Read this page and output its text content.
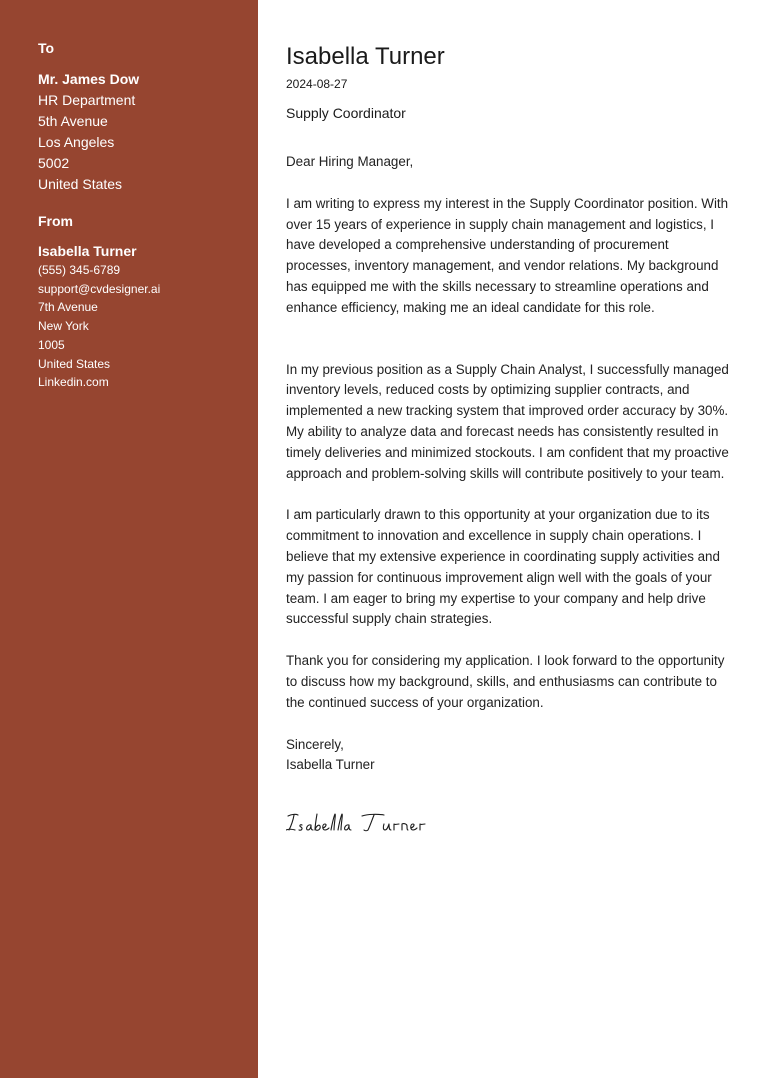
To
Mr. James Dow
HR Department
5th Avenue
Los Angeles
5002
United States
From
Isabella Turner
(555) 345-6789
support@cvdesigner.ai
7th Avenue
New York
1005
United States
Linkedin.com
Isabella Turner
2024-08-27
Supply Coordinator

Dear Hiring Manager,

I am writing to express my interest in the Supply Coordinator position. With over 15 years of experience in supply chain management and logistics, I have developed a comprehensive understanding of procurement processes, inventory management, and vendor relations. My background has equipped me with the skills necessary to streamline operations and enhance efficiency, making me an ideal candidate for this role.

In my previous position as a Supply Chain Analyst, I successfully managed inventory levels, reduced costs by optimizing supplier contracts, and implemented a new tracking system that improved order accuracy by 30%. My ability to analyze data and forecast needs has consistently resulted in timely deliveries and minimized stockouts. I am confident that my proactive approach and problem-solving skills will contribute positively to your team.

I am particularly drawn to this opportunity at your organization due to its commitment to innovation and excellence in supply chain operations. I believe that my extensive experience in coordinating supply activities and my passion for continuous improvement align well with the goals of your team. I am eager to bring my expertise to your company and help drive successful supply chain strategies.

Thank you for considering my application. I look forward to the opportunity to discuss how my background, skills, and enthusiasms can contribute to the continued success of your organization.

Sincerely,

Isabella Turner
